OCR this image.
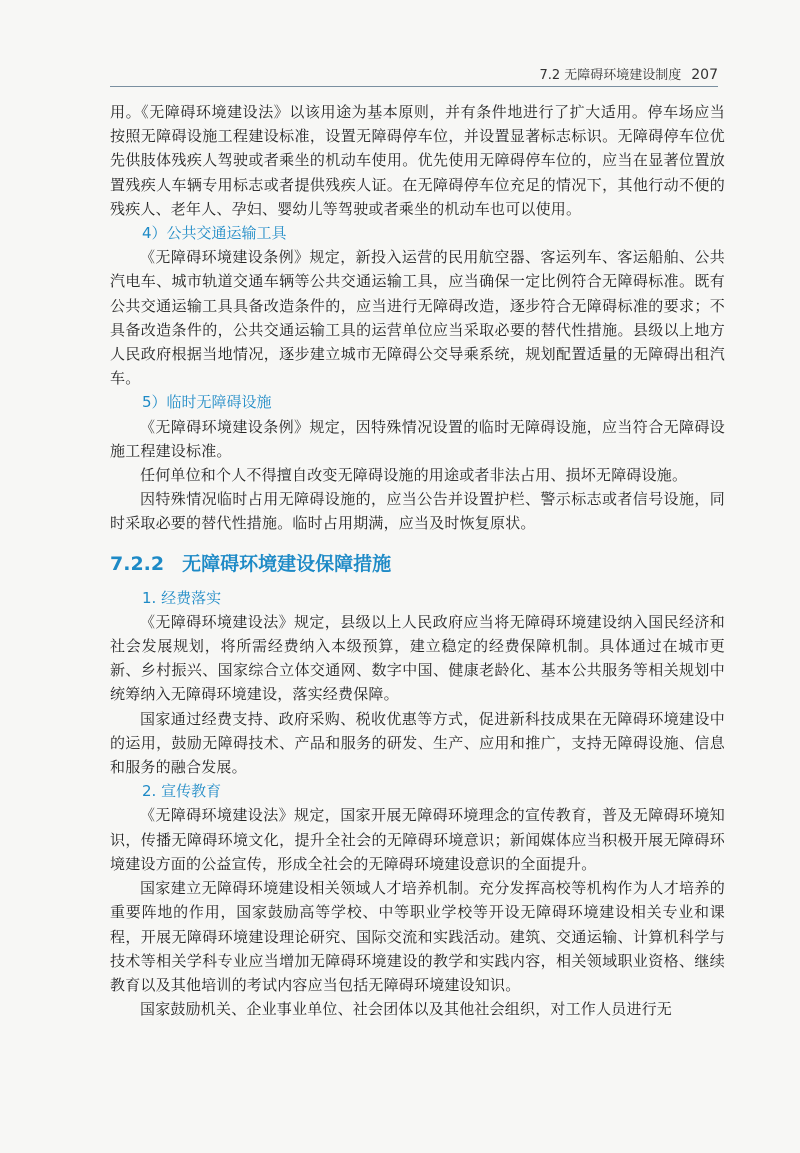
7.2 无障碍环境建设制度 207

用。《无障碍环境建设法》以该用途为基本原则，并有条件地进行了扩大适用。停车场应当按照无障碍设施工程建设标准，设置无障碍停车位，并设置显著标志标识。无障碍停车位优先供肢体残疾人驾驶或者乘坐的机动车使用。优先使用无障碍停车位的，应当在显著位置放置残疾人车辆专用标志或者提供残疾人证。在无障碍停车位充足的情况下，其他行动不便的残疾人、老年人、孕妇、婴幼儿等驾驶或者乘坐的机动车也可以使用。

4）公共交通运输工具

《无障碍环境建设条例》规定，新投入运营的民用航空器、客运列车、客运船舶、公共汽电车、城市轨道交通车辆等公共交通运输工具，应当确保一定比例符合无障碍标准。既有公共交通运输工具具备改造条件的，应当进行无障碍改造，逐步符合无障碍标准的要求；不具备改造条件的，公共交通运输工具的运营单位应当采取必要的替代性措施。县级以上地方人民政府根据当地情况，逐步建立城市无障碍公交导乘系统，规划配置适量的无障碍出租汽车。

5）临时无障碍设施

《无障碍环境建设条例》规定，因特殊情况设置的临时无障碍设施，应当符合无障碍设施工程建设标准。

任何单位和个人不得擅自改变无障碍设施的用途或者非法占用、损坏无障碍设施。

因特殊情况临时占用无障碍设施的，应当公告并设置护栏、警示标志或者信号设施，同时采取必要的替代性措施。临时占用期满，应当及时恢复原状。

7.2.2 无障碍环境建设保障措施
1. 经费落实

《无障碍环境建设法》规定，县级以上人民政府应当将无障碍环境建设纳入国民经济和社会发展规划，将所需经费纳入本级预算，建立稳定的经费保障机制。具体通过在城市更新、乡村振兴、国家综合立体交通网、数字中国、健康老龄化、基本公共服务等相关规划中统筹纳入无障碍环境建设，落实经费保障。

国家通过经费支持、政府采购、税收优惠等方式，促进新科技成果在无障碍环境建设中的运用，鼓励无障碍技术、产品和服务的研发、生产、应用和推广，支持无障碍设施、信息和服务的融合发展。

2. 宣传教育

《无障碍环境建设法》规定，国家开展无障碍环境理念的宣传教育，普及无障碍环境知识，传播无障碍环境文化，提升全社会的无障碍环境意识；新闻媒体应当积极开展无障碍环境建设方面的公益宣传，形成全社会的无障碍环境建设意识的全面提升。

国家建立无障碍环境建设相关领域人才培养机制。充分发挥高校等机构作为人才培养的重要阵地的作用，国家鼓励高等学校、中等职业学校等开设无障碍环境建设相关专业和课程，开展无障碍环境建设理论研究、国际交流和实践活动。建筑、交通运输、计算机科学与技术等相关学科专业应当增加无障碍环境建设的教学和实践内容，相关领域职业资格、继续教育以及其他培训的考试内容应当包括无障碍环境建设知识。

国家鼓励机关、企业事业单位、社会团体以及其他社会组织，对工作人员进行无
